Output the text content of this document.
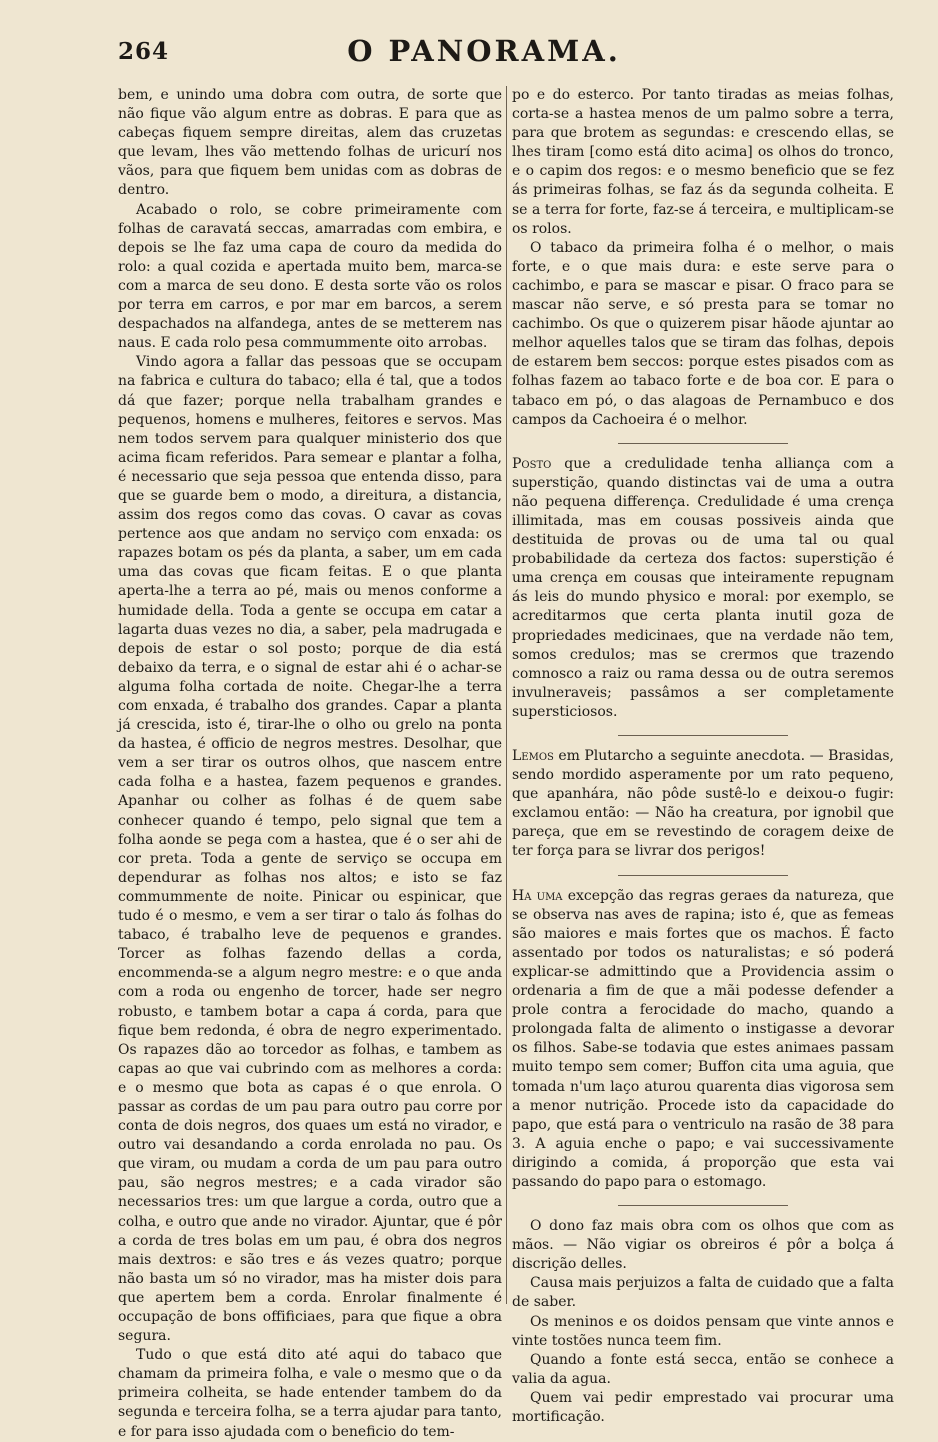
264	O PANORAMA.

bem, e unindo uma dobra com outra, de sorte que não fique vão algum entre as dobras. E para que as cabeças fiquem sempre direitas, alem das cruzetas que levam, lhes vão mettendo folhas de uricurí nos vãos, para que fiquem bem unidas com as dobras de dentro.

Acabado o rolo, se cobre primeiramente com folhas de caravatá seccas, amarradas com embira, e depois se lhe faz uma capa de couro da medida do rolo: a qual cozida e apertada muito bem, marca-se com a marca de seu dono. E desta sorte vão os rolos por terra em carros, e por mar em barcos, a serem despachados na alfandega, antes de se metterem nas naus. E cada rolo pesa commummente oito arrobas.

Vindo agora a fallar das pessoas que se occupam na fabrica e cultura do tabaco; ella é tal, que a todos dá que fazer; porque nella trabalham grandes e pequenos, homens e mulheres, feitores e servos. Mas nem todos servem para qualquer ministerio dos que acima ficam referidos. Para semear e plantar a folha, é necessario que seja pessoa que entenda disso, para que se guarde bem o modo, a direitura, a distancia, assim dos regos como das covas. O cavar as covas pertence aos que andam no serviço com enxada: os rapazes botam os pés da planta, a saber, um em cada uma das covas que ficam feitas. E o que planta aperta-lhe a terra ao pé, mais ou menos conforme a humidade della. Toda a gente se occupa em catar a lagarta duas vezes no dia, a saber, pela madrugada e depois de estar o sol posto; porque de dia está debaixo da terra, e o signal de estar ahi é o achar-se alguma folha cortada de noite. Chegar-lhe a terra com enxada, é trabalho dos grandes. Capar a planta já crescida, isto é, tirar-lhe o olho ou grelo na ponta da hastea, é officio de negros mestres. Desolhar, que vem a ser tirar os outros olhos, que nascem entre cada folha e a hastea, fazem pequenos e grandes. Apanhar ou colher as folhas é de quem sabe conhecer quando é tempo, pelo signal que tem a folha aonde se pega com a hastea, que é o ser ahi de cor preta. Toda a gente de serviço se occupa em dependurar as folhas nos altos; e isto se faz commummente de noite. Pinicar ou espinicar, que tudo é o mesmo, e vem a ser tirar o talo ás folhas do tabaco, é trabalho leve de pequenos e grandes. Torcer as folhas fazendo dellas a corda, encommenda-se a algum negro mestre: e o que anda com a roda ou engenho de torcer, hade ser negro robusto, e tambem botar a capa á corda, para que fique bem redonda, é obra de negro experimentado. Os rapazes dão ao torcedor as folhas, e tambem as capas ao que vai cubrindo com as melhores a corda: e o mesmo que bota as capas é o que enrola. O passar as cordas de um pau para outro pau corre por conta de dois negros, dos quaes um está no virador, e outro vai desandando a corda enrolada no pau. Os que viram, ou mudam a corda de um pau para outro pau, são negros mestres; e a cada virador são necessarios tres: um que largue a corda, outro que a colha, e outro que ande no virador. Ajuntar, que é pôr a corda de tres bolas em um pau, é obra dos negros mais dextros: e são tres e ás vezes quatro; porque não basta um só no virador, mas ha mister dois para que apertem bem a corda. Enrolar finalmente é occupação de bons offificiaes, para que fique a obra segura.

Tudo o que está dito até aqui do tabaco que chamam da primeira folha, e vale o mesmo que o da primeira colheita, se hade entender tambem do da segunda e terceira folha, se a terra ajudar para tanto, e for para isso ajudada com o beneficio do tem-

po e do esterco. Por tanto tiradas as meias folhas, corta-se a hastea menos de um palmo sobre a terra, para que brotem as segundas: e crescendo ellas, se lhes tiram [como está dito acima] os olhos do tronco, e o capim dos regos: e o mesmo beneficio que se fez ás primeiras folhas, se faz ás da segunda colheita. E se a terra for forte, faz-se á terceira, e multiplicam-se os rolos.

O tabaco da primeira folha é o melhor, o mais forte, e o que mais dura: e este serve para o cachimbo, e para se mascar e pisar. O fraco para se mascar não serve, e só presta para se tomar no cachimbo. Os que o quizerem pisar hãode ajuntar ao melhor aquelles talos que se tiram das folhas, depois de estarem bem seccos: porque estes pisados com as folhas fazem ao tabaco forte e de boa cor. E para o tabaco em pó, o das alagoas de Pernambuco e dos campos da Cachoeira é o melhor.

Posto que a credulidade tenha alliança com a superstição, quando distinctas vai de uma a outra não pequena differença. Credulidade é uma crença illimitada, mas em cousas possiveis ainda que destituida de provas ou de uma tal ou qual probabilidade da certeza dos factos: superstição é uma crença em cousas que inteiramente repugnam ás leis do mundo physico e moral: por exemplo, se acreditarmos que certa planta inutil goza de propriedades medicinaes, que na verdade não tem, somos credulos; mas se crermos que trazendo comnosco a raiz ou rama dessa ou de outra seremos invulneraveis; passâmos a ser completamente supersticiosos.

Lemos em Plutarcho a seguinte anecdota. — Brasidas, sendo mordido asperamente por um rato pequeno, que apanhára, não pôde sustê-lo e deixou-o fugir: exclamou então: — Não ha creatura, por ignobil que pareça, que em se revestindo de coragem deixe de ter força para se livrar dos perigos!

Ha uma excepção das regras geraes da natureza, que se observa nas aves de rapina; isto é, que as femeas são maiores e mais fortes que os machos. É facto assentado por todos os naturalistas; e só poderá explicar-se admittindo que a Providencia assim o ordenaria a fim de que a mãi podesse defender a prole contra a ferocidade do macho, quando a prolongada falta de alimento o instigasse a devorar os filhos. Sabe-se todavia que estes animaes passam muito tempo sem comer; Buffon cita uma aguia, que tomada n'um laço aturou quarenta dias vigorosa sem a menor nutrição. Procede isto da capacidade do papo, que está para o ventriculo na rasão de 38 para 3. A aguia enche o papo; e vai successivamente dirigindo a comida, á proporção que esta vai passando do papo para o estomago.

O dono faz mais obra com os olhos que com as mãos. — Não vigiar os obreiros é pôr a bolça á discrição delles.

Causa mais perjuizos a falta de cuidado que a falta de saber.

Os meninos e os doidos pensam que vinte annos e vinte tostões nunca teem fim.

Quando a fonte está secca, então se conhece a valia da agua.

Quem vai pedir emprestado vai procurar uma mortificação.
